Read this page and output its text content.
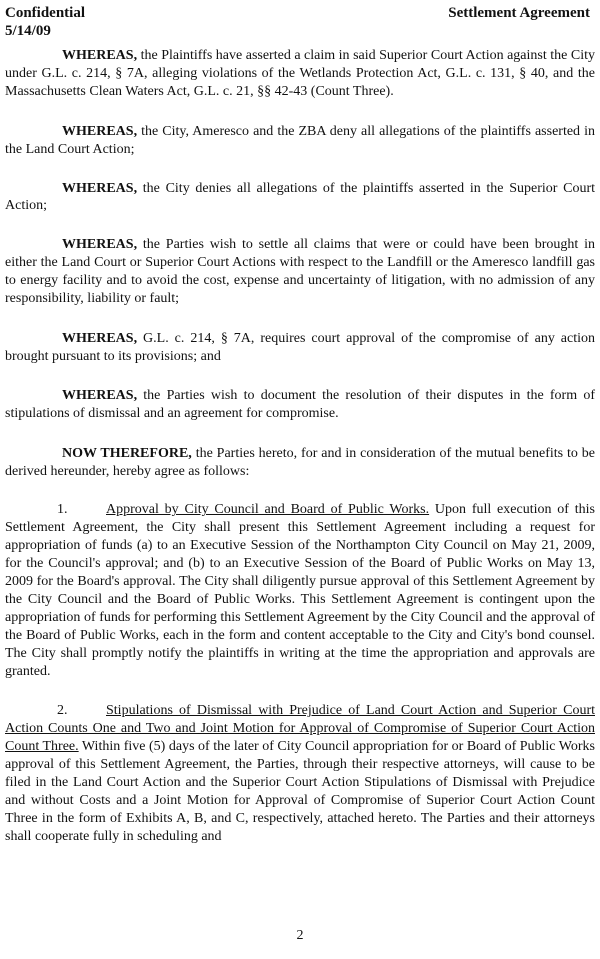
Confidential
5/14/09
Settlement Agreement

WHEREAS, the Plaintiffs have asserted a claim in said Superior Court Action against the City under G.L. c. 214, § 7A, alleging violations of the Wetlands Protection Act, G.L. c. 131, § 40, and the Massachusetts Clean Waters Act, G.L. c. 21, §§ 42-43 (Count Three).

WHEREAS, the City, Ameresco and the ZBA deny all allegations of the plaintiffs asserted in the Land Court Action;

WHEREAS, the City denies all allegations of the plaintiffs asserted in the Superior Court Action;

WHEREAS, the Parties wish to settle all claims that were or could have been brought in either the Land Court or Superior Court Actions with respect to the Landfill or the Ameresco landfill gas to energy facility and to avoid the cost, expense and uncertainty of litigation, with no admission of any responsibility, liability or fault;

WHEREAS, G.L. c. 214, § 7A, requires court approval of the compromise of any action brought pursuant to its provisions; and

WHEREAS, the Parties wish to document the resolution of their disputes in the form of stipulations of dismissal and an agreement for compromise.

NOW THEREFORE, the Parties hereto, for and in consideration of the mutual benefits to be derived hereunder, hereby agree as follows:

1.	Approval by City Council and Board of Public Works. Upon full execution of this Settlement Agreement, the City shall present this Settlement Agreement including a request for appropriation of funds (a) to an Executive Session of the Northampton City Council on May 21, 2009, for the Council's approval; and (b) to an Executive Session of the Board of Public Works on May 13, 2009 for the Board's approval. The City shall diligently pursue approval of this Settlement Agreement by the City Council and the Board of Public Works. This Settlement Agreement is contingent upon the appropriation of funds for performing this Settlement Agreement by the City Council and the approval of the Board of Public Works, each in the form and content acceptable to the City and City's bond counsel. The City shall promptly notify the plaintiffs in writing at the time the appropriation and approvals are granted.

2.	Stipulations of Dismissal with Prejudice of Land Court Action and Superior Court Action Counts One and Two and Joint Motion for Approval of Compromise of Superior Court Action Count Three. Within five (5) days of the later of City Council appropriation for or Board of Public Works approval of this Settlement Agreement, the Parties, through their respective attorneys, will cause to be filed in the Land Court Action and the Superior Court Action Stipulations of Dismissal with Prejudice and without Costs and a Joint Motion for Approval of Compromise of Superior Court Action Count Three in the form of Exhibits A, B, and C, respectively, attached hereto. The Parties and their attorneys shall cooperate fully in scheduling and

2
